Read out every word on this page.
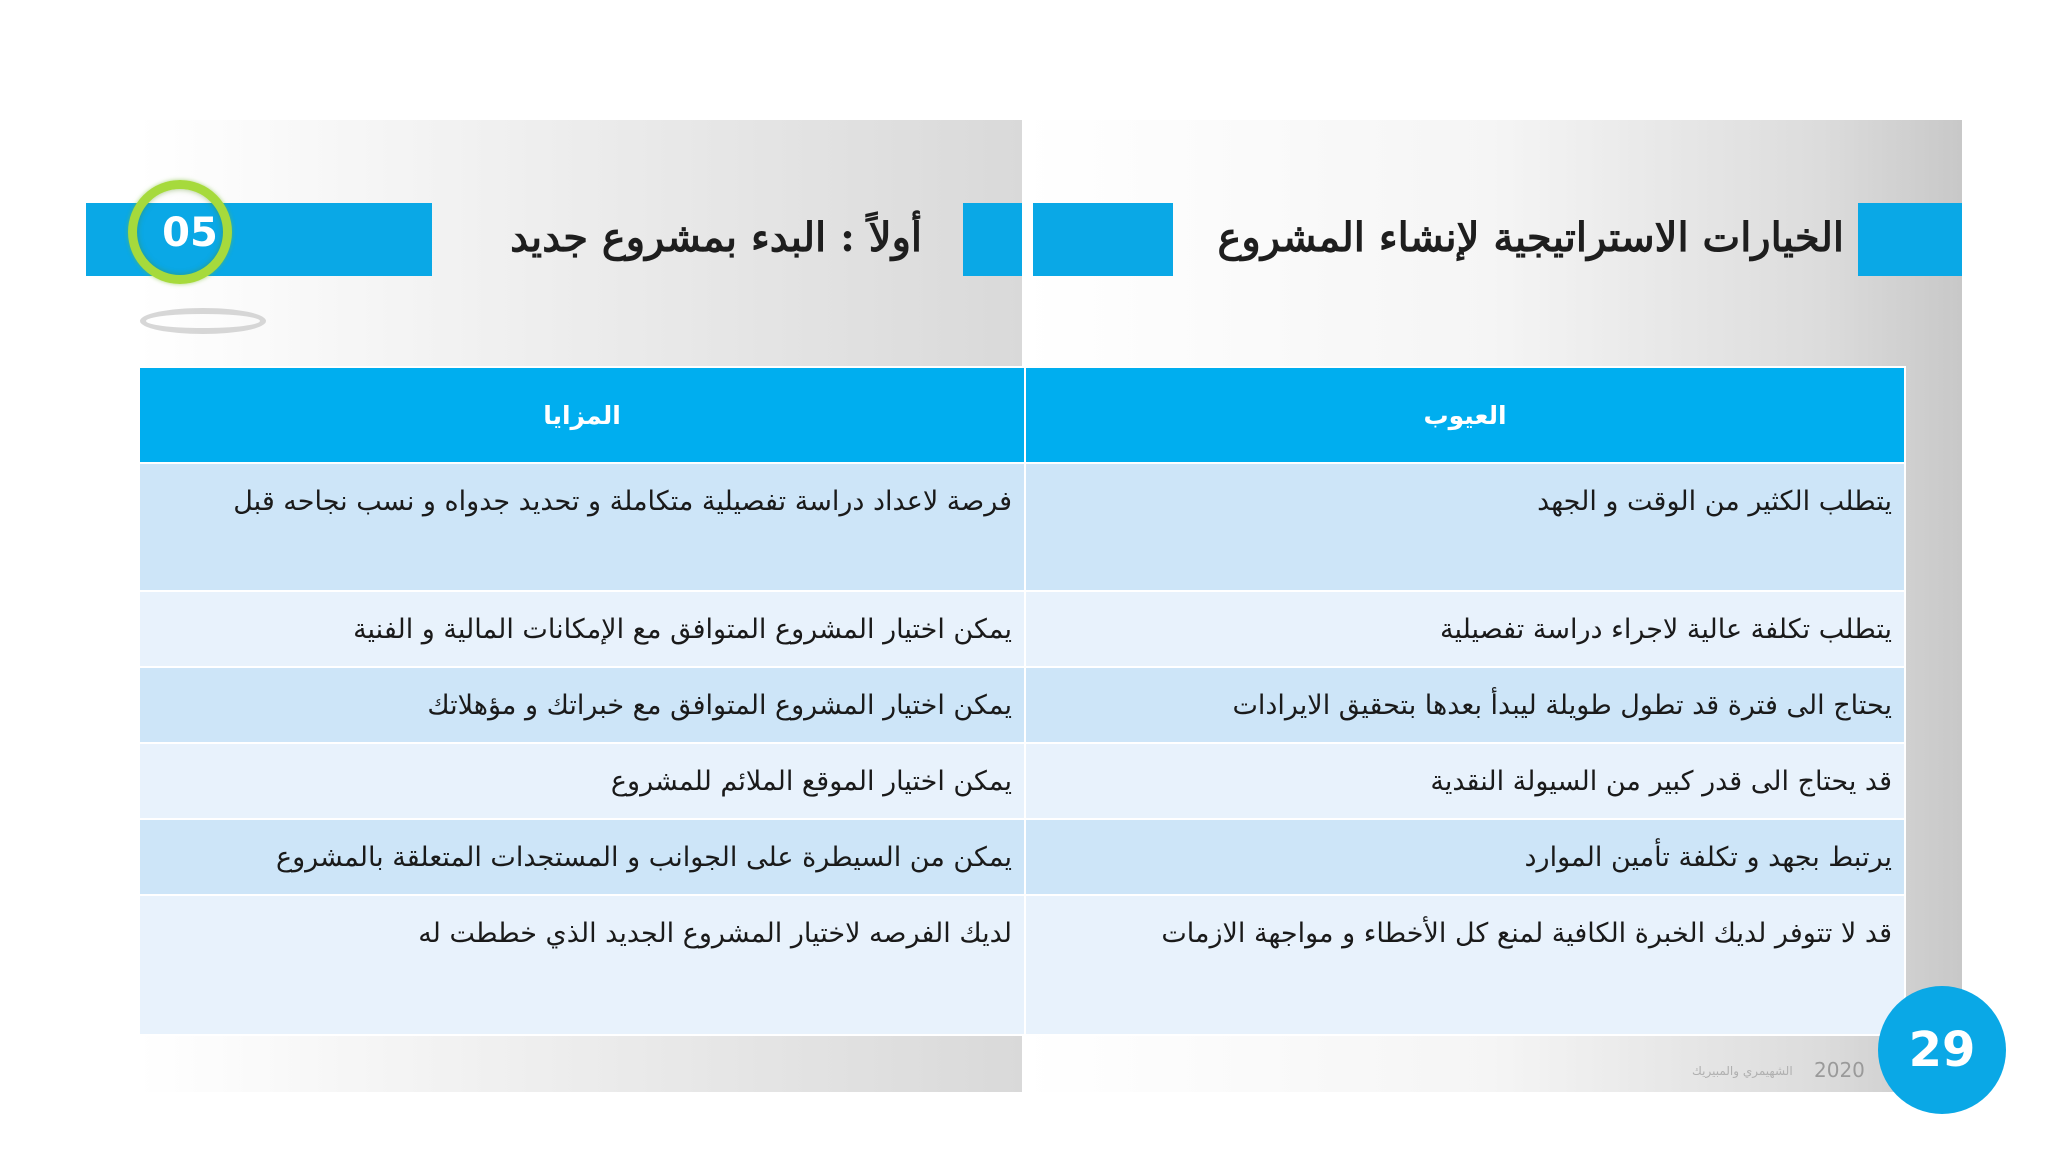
05	الخيارات الاستراتيجية لإنشاء المشروع
أولاً : البدء بمشروع جديد
العيوب	المزايا
يتطلب الكثير من الوقت و الجهد	فرصة لاعداد دراسة تفصيلية متكاملة و تحديد جدواه و نسب نجاحه قبل
يتطلب تكلفة عالية لاجراء دراسة تفصيلية	يمكن اختيار المشروع المتوافق مع الإمكانات المالية و الفنية
يحتاج الى فترة قد تطول طويلة ليبدأ بعدها بتحقيق الايرادات	يمكن اختيار المشروع المتوافق مع خبراتك و مؤهلاتك
قد يحتاج الى قدر كبير من السيولة النقدية	يمكن اختيار الموقع الملائم للمشروع
يرتبط بجهد و تكلفة تأمين الموارد	يمكن من السيطرة على الجوانب و المستجدات المتعلقة بالمشروع
قد لا تتوفر لديك الخبرة الكافية لمنع كل الأخطاء و مواجهة الازمات	لديك الفرصه لاختيار المشروع الجديد الذي خططت له
الشهيمري والمبيريك 2020 29
